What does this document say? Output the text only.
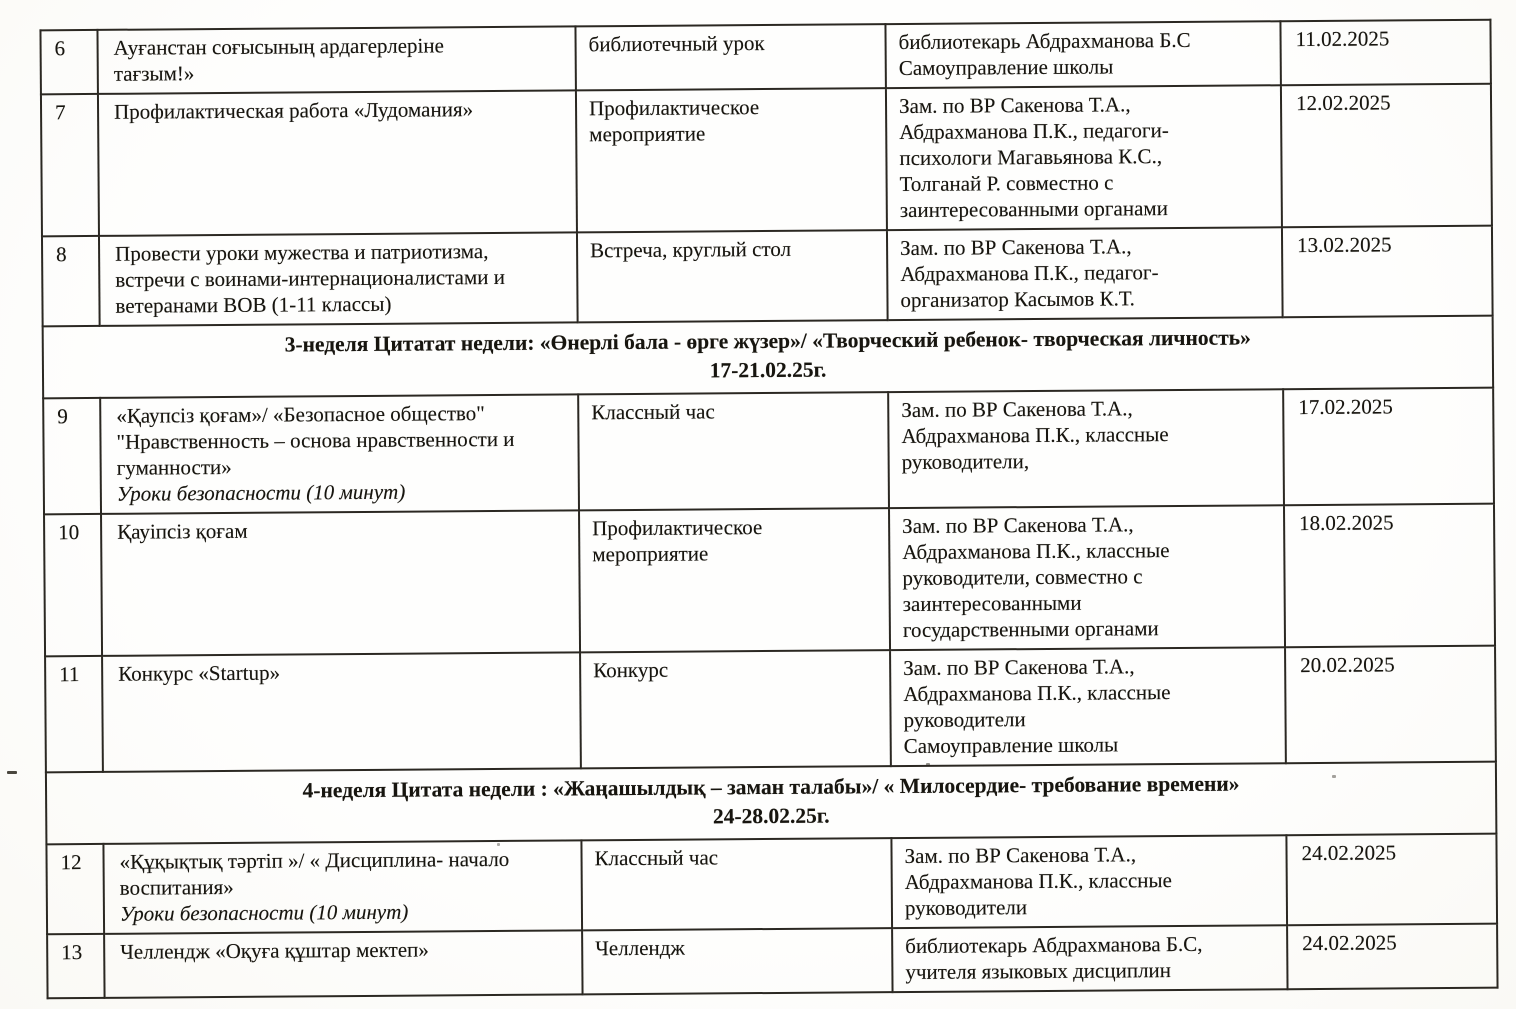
6	Ауғанстан соғысының ардагерлеріне
тағзым!»	библиотечный урок	библиотекарь Абдрахманова Б.С
Самоуправление школы	11.02.2025
7	Профилактическая работа «Лудомания»	Профилактическое
мероприятие	Зам. по ВР Сакенова Т.А.,
Абдрахманова П.К., педагоги-
психологи Магавьянова К.С.,
Толганай Р. совместно с
заинтересованными органами	12.02.2025
8	Провести уроки мужества и патриотизма,
встречи с воинами-интернационалистами и
ветеранами ВОВ (1-11 классы)	Встреча, круглый стол	Зам. по ВР Сакенова Т.А.,
Абдрахманова П.К., педагог-
организатор Касымов К.Т.	13.02.2025

3-неделя Цитатат недели: «Өнерлі бала - өрге жүзер»/ «Творческий ребенок- творческая личность»
17-21.02.25г.				

9	«Қаупсіз қоғам»/ «Безопасное общество"
"Нравственность – основа нравственности и
гуманности»
Уроки безопасности (10 минут)
	Классный час	Зам. по ВР Сакенова Т.А.,
Абдрахманова П.К., классные
руководители,	17.02.2025
10	Қауіпсіз қоғам	Профилактическое
мероприятие	Зам. по ВР Сакенова Т.А.,
Абдрахманова П.К., классные
руководители, совместно с
заинтересованными
государственными органами	18.02.2025
11	Конкурс «Startup»	Конкурс	Зам. по ВР Сакенова Т.А.,
Абдрахманова П.К., классные
руководители
Самоуправление школы	20.02.2025

4-неделя Цитата недели : «Жаңашылдық – заман талабы»/ « Милосердие- требование времени»
24-28.02.25г.				

12	«Құқықтық тәртіп »/ « Дисциплина- начало
воспитания»
Уроки безопасности (10 минут)
	Классный час	Зам. по ВР Сакенова Т.А.,
Абдрахманова П.К., классные
руководители	24.02.2025
13	Челлендж «Оқуға құштар мектеп»	Челлендж	библиотекарь Абдрахманова Б.С,
учителя языковых дисциплин	24.02.2025
